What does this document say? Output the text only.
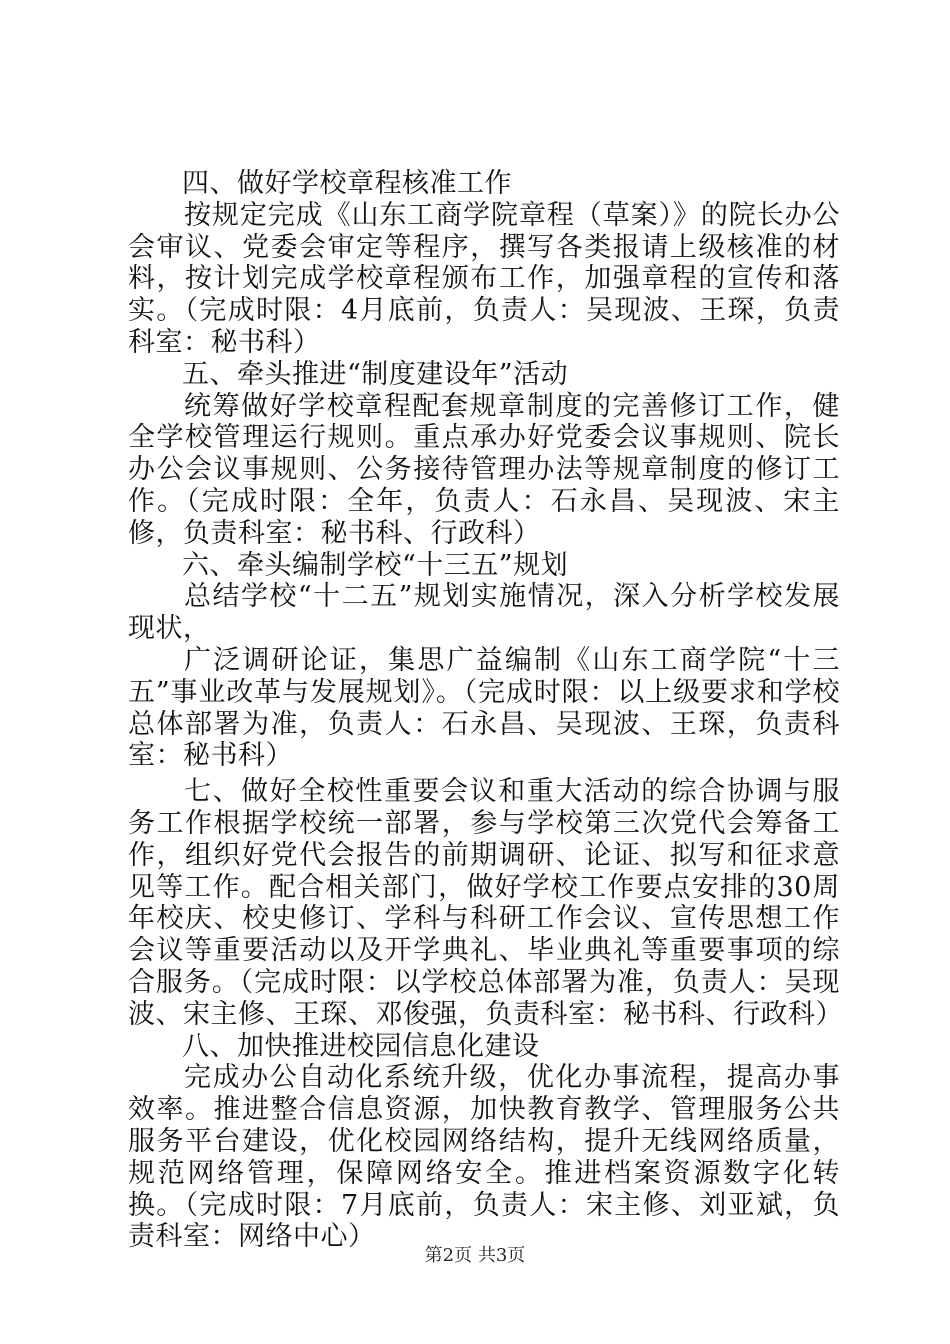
四、做好学校章程核准工作

按规定完成《山东工商学院章程（草案）》的院长办公会审议、党委会审定等程序，撰写各类报请上级核准的材料，按计划完成学校章程颁布工作，加强章程的宣传和落实。（完成时限：4月底前，负责人：吴现波、王琛，负责科室：秘书科）

五、牵头推进“制度建设年”活动

统筹做好学校章程配套规章制度的完善修订工作，健全学校管理运行规则。重点承办好党委会议事规则、院长办公会议事规则、公务接待管理办法等规章制度的修订工作。（完成时限：全年，负责人：石永昌、吴现波、宋主修，负责科室：秘书科、行政科）

六、牵头编制学校“十三五”规划

总结学校“十二五”规划实施情况，深入分析学校发展现状，

广泛调研论证，集思广益编制《山东工商学院“十三五”事业改革与发展规划》。（完成时限：以上级要求和学校总体部署为准，负责人：石永昌、吴现波、王琛，负责科室：秘书科）

七、做好全校性重要会议和重大活动的综合协调与服务工作根据学校统一部署，参与学校第三次党代会筹备工作，组织好党代会报告的前期调研、论证、拟写和征求意见等工作。配合相关部门，做好学校工作要点安排的30周年校庆、校史修订、学科与科研工作会议、宣传思想工作会议等重要活动以及开学典礼、毕业典礼等重要事项的综合服务。（完成时限：以学校总体部署为准，负责人：吴现波、宋主修、王琛、邓俊强，负责科室：秘书科、行政科）

八、加快推进校园信息化建设

完成办公自动化系统升级，优化办事流程，提高办事效率。推进整合信息资源，加快教育教学、管理服务公共服务平台建设，优化校园网络结构，提升无线网络质量，规范网络管理，保障网络安全。推进档案资源数字化转换。（完成时限：7月底前，负责人：宋主修、刘亚斌，负责科室：网络中心）

第2页 共3页
